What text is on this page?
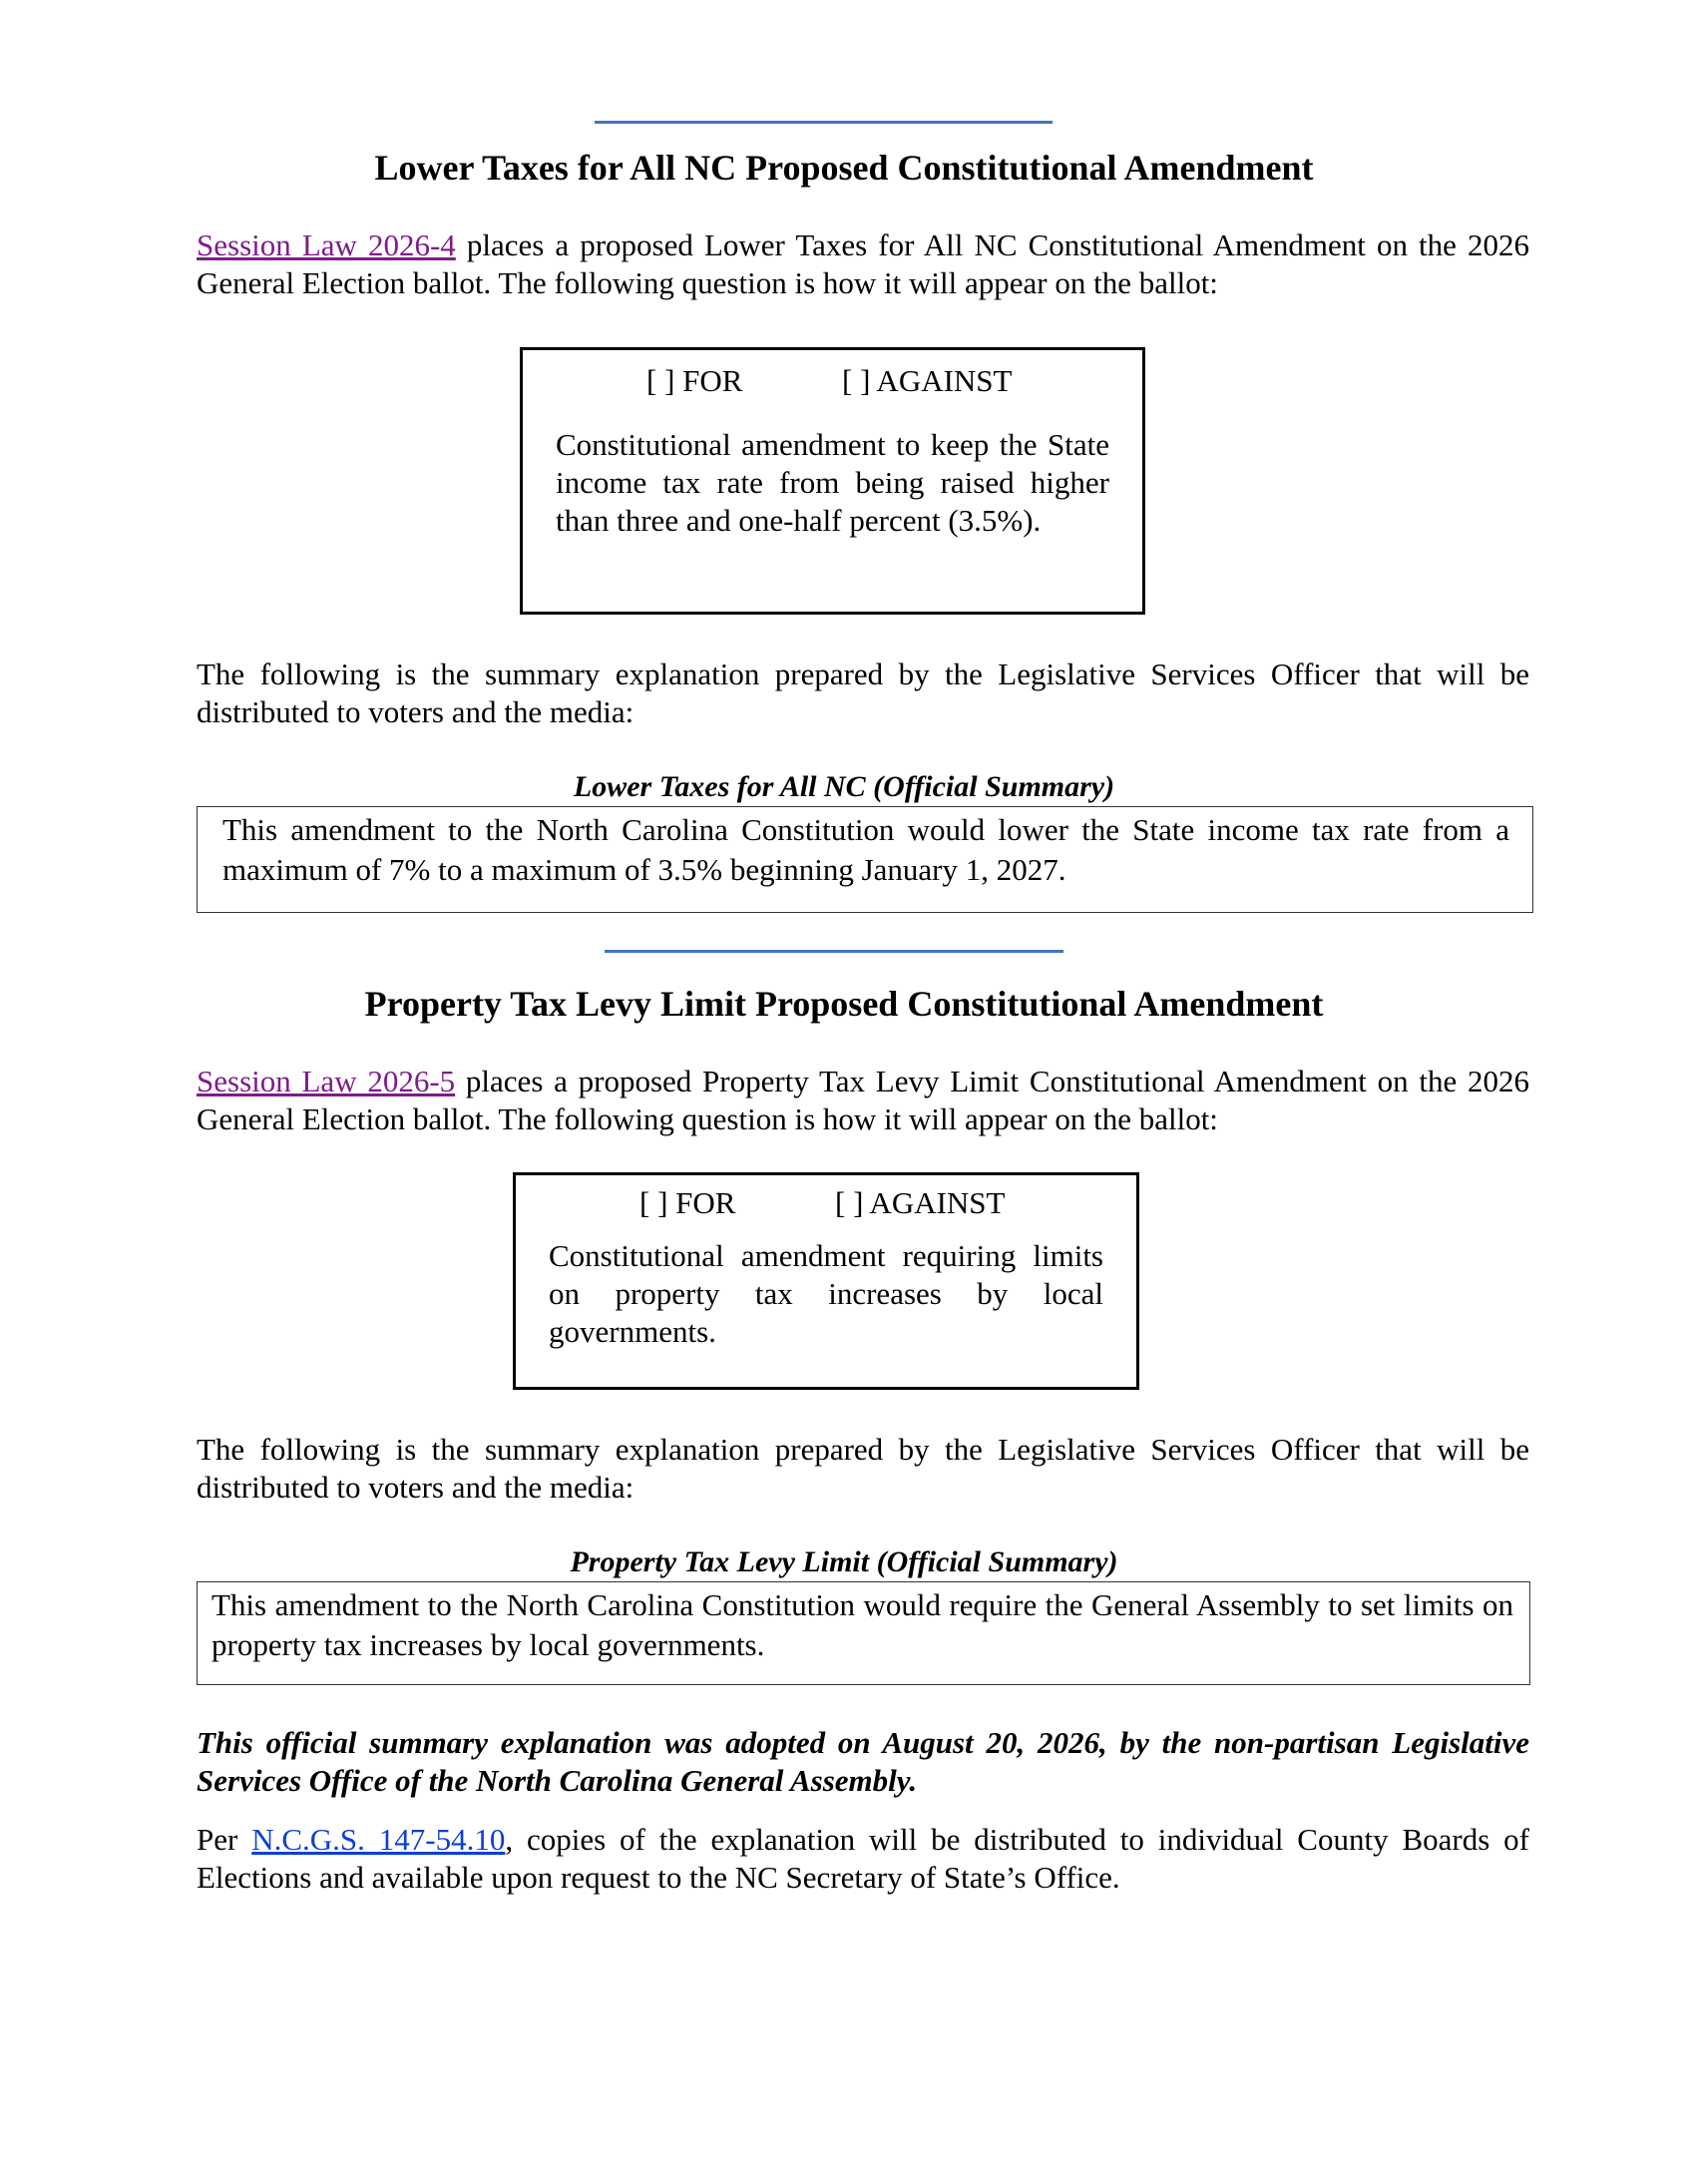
Lower Taxes for All NC Proposed Constitutional Amendment
Session Law 2026-4 places a proposed Lower Taxes for All NC Constitutional Amendment on the 2026 General Election ballot. The following question is how it will appear on the ballot:
[ ] FOR	[ ] AGAINST
Constitutional amendment to keep the State income tax rate from being raised higher than three and one-half percent (3.5%).
The following is the summary explanation prepared by the Legislative Services Officer that will be distributed to voters and the media:
Lower Taxes for All NC (Official Summary)
This amendment to the North Carolina Constitution would lower the State income tax rate from a maximum of 7% to a maximum of 3.5% beginning January 1, 2027.
Property Tax Levy Limit Proposed Constitutional Amendment
Session Law 2026-5 places a proposed Property Tax Levy Limit Constitutional Amendment on the 2026 General Election ballot. The following question is how it will appear on the ballot:
[ ] FOR	[ ] AGAINST
Constitutional amendment requiring limits on property tax increases by local governments.
The following is the summary explanation prepared by the Legislative Services Officer that will be distributed to voters and the media:
Property Tax Levy Limit (Official Summary)
This amendment to the North Carolina Constitution would require the General Assembly to set limits on property tax increases by local governments.
This official summary explanation was adopted on August 20, 2026, by the non-partisan Legislative Services Office of the North Carolina General Assembly.
Per N.C.G.S. 147-54.10, copies of the explanation will be distributed to individual County Boards of Elections and available upon request to the NC Secretary of State’s Office.
